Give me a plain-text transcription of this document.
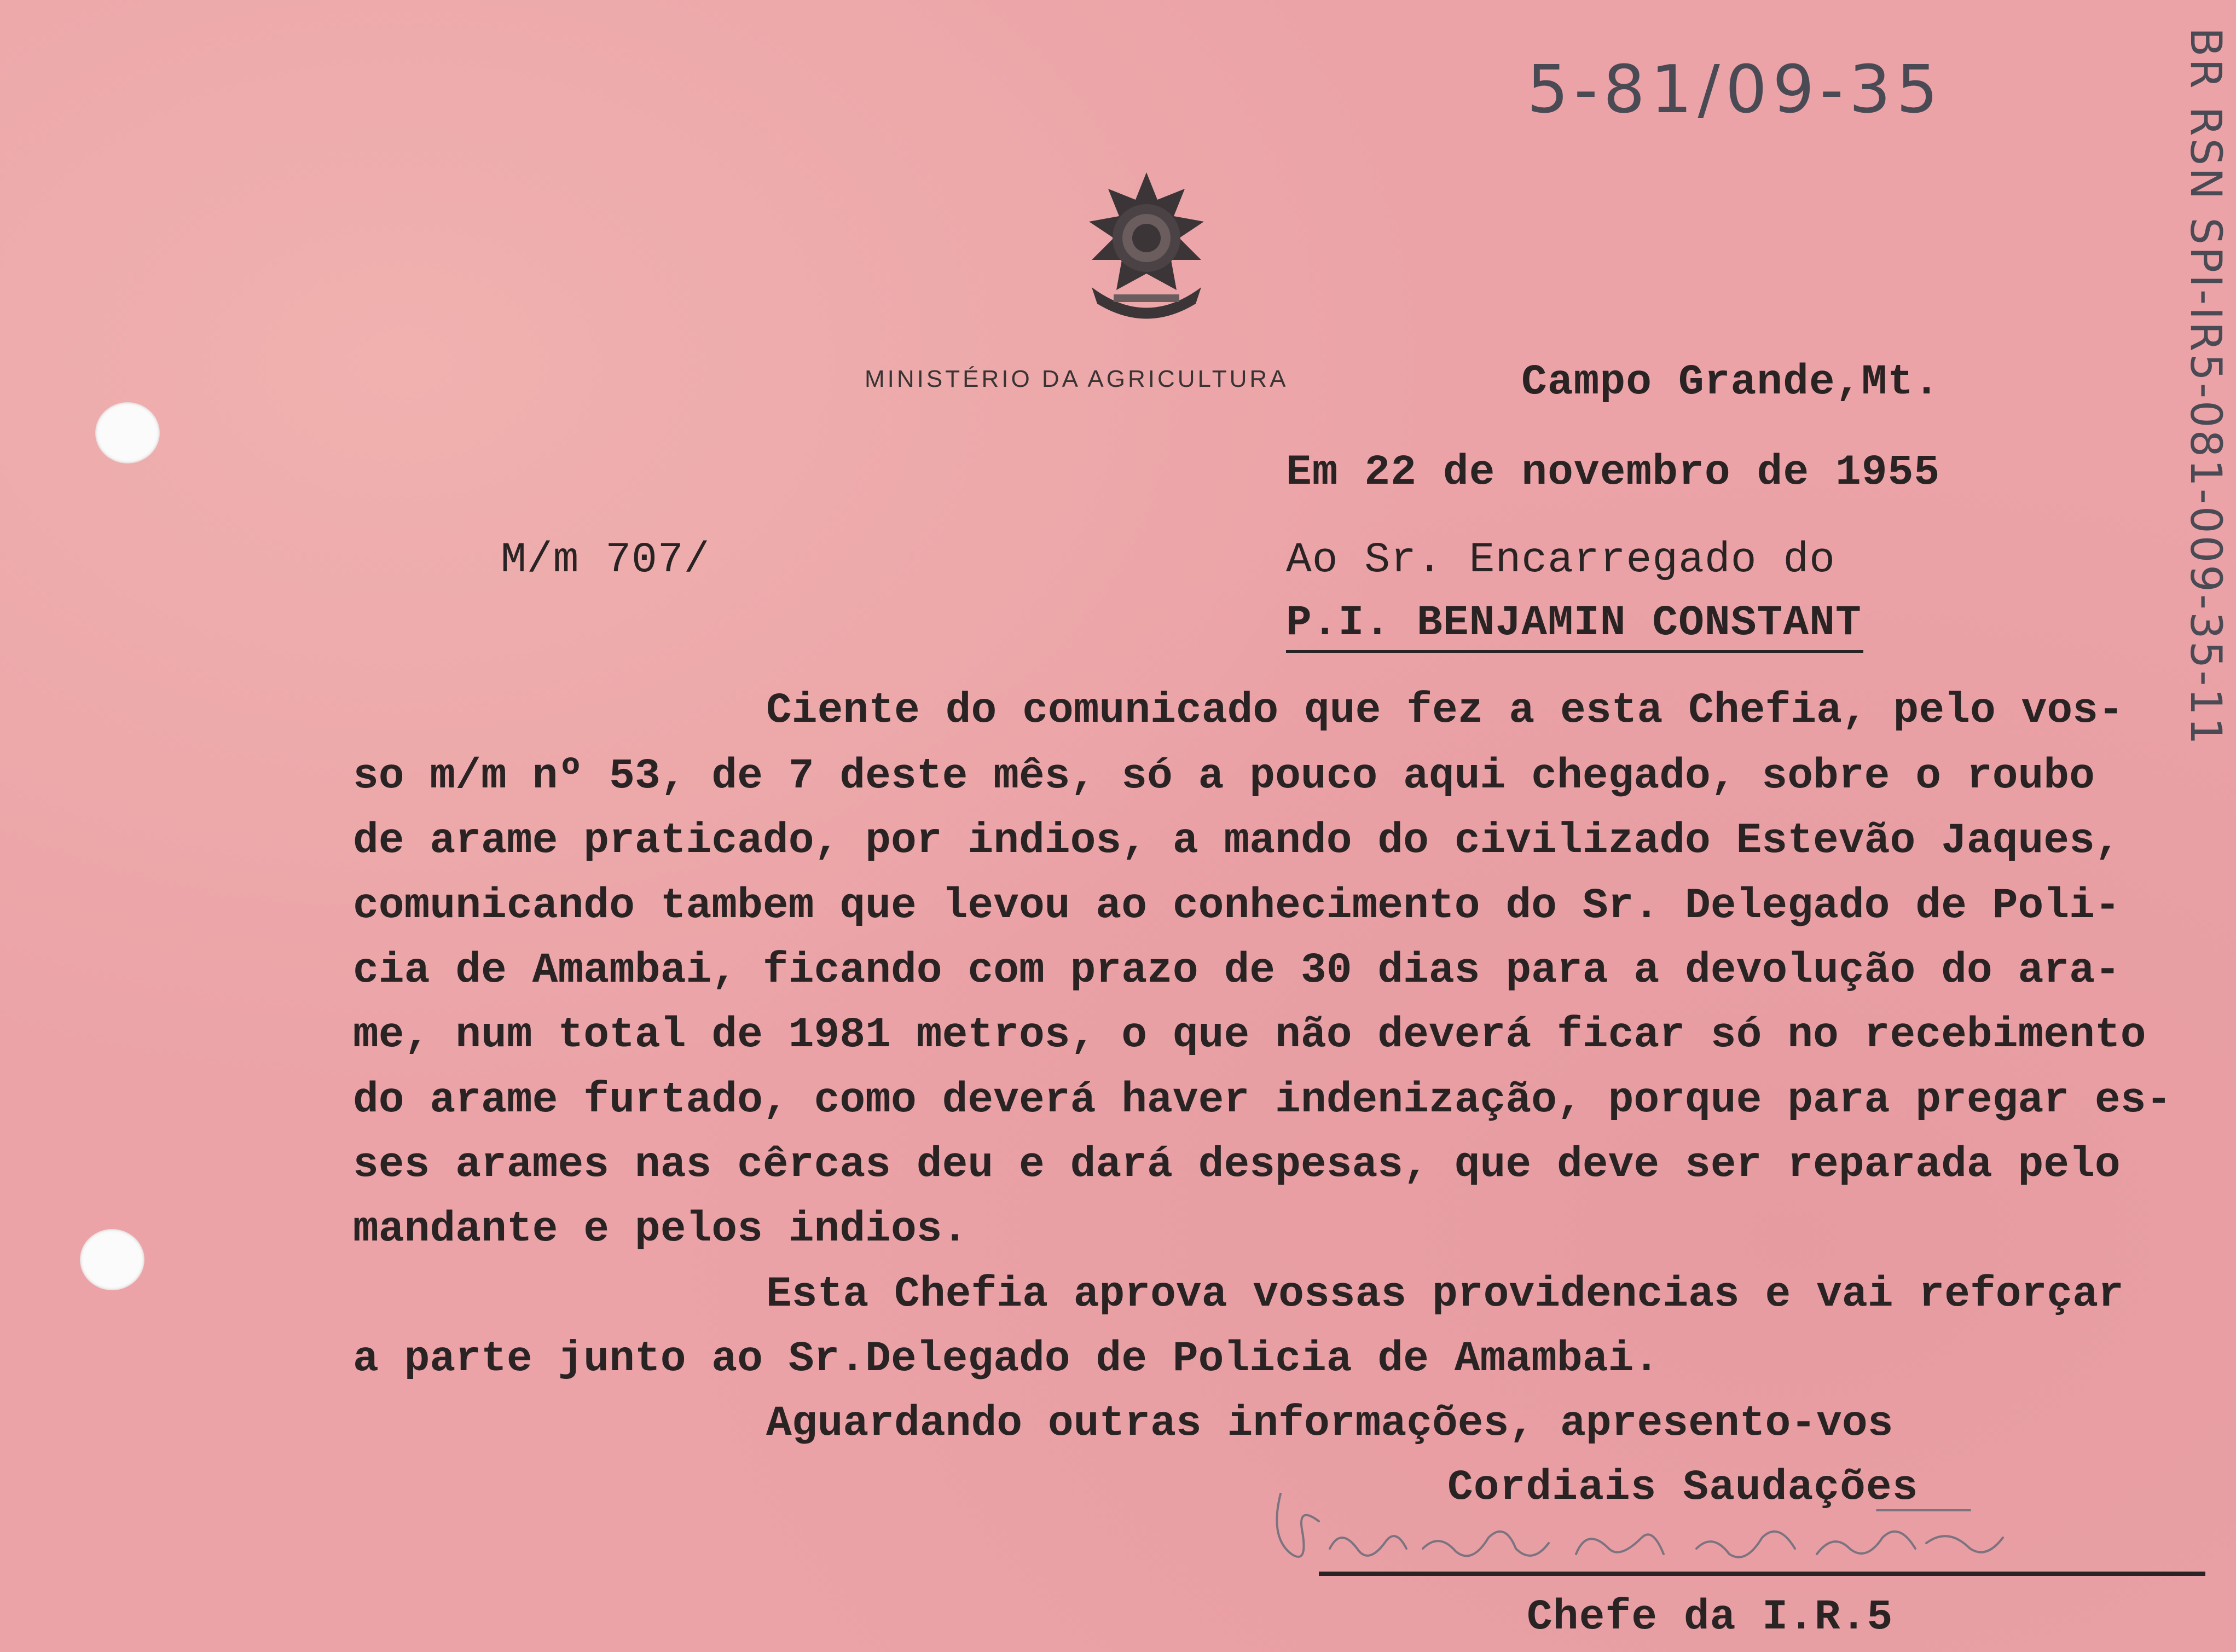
5-81/09-35	BR RSN SPI-IR5-081-009-35-11
MINISTÉRIO DA AGRICULTURA	Campo Grande,Mt.
Em 22 de novembro de 1955
M/m 707/	Ao Sr. Encarregado do
P.I. BENJAMIN CONSTANT
Ciente do comunicado que fez a esta Chefia, pelo vos-
so m/m nº 53, de 7 deste mês, só a pouco aqui chegado, sobre o roubo
de arame praticado, por indios, a mando do civilizado Estevão Jaques,
comunicando tambem que levou ao conhecimento do Sr. Delegado de Poli-
cia de Amambai, ficando com prazo de 30 dias para a devolução do ara-
me, num total de 1981 metros, o que não deverá ficar só no recebimento
do arame furtado, como deverá haver indenização, porque para pregar es-
ses arames nas cêrcas deu e dará despesas, que deve ser reparada pelo
mandante e pelos indios.
Esta Chefia aprova vossas providencias e vai reforçar
a parte junto ao Sr.Delegado de Policia de Amambai.
Aguardando outras informações, apresento-vos
Cordiais Saudações
Chefe da I.R.5
